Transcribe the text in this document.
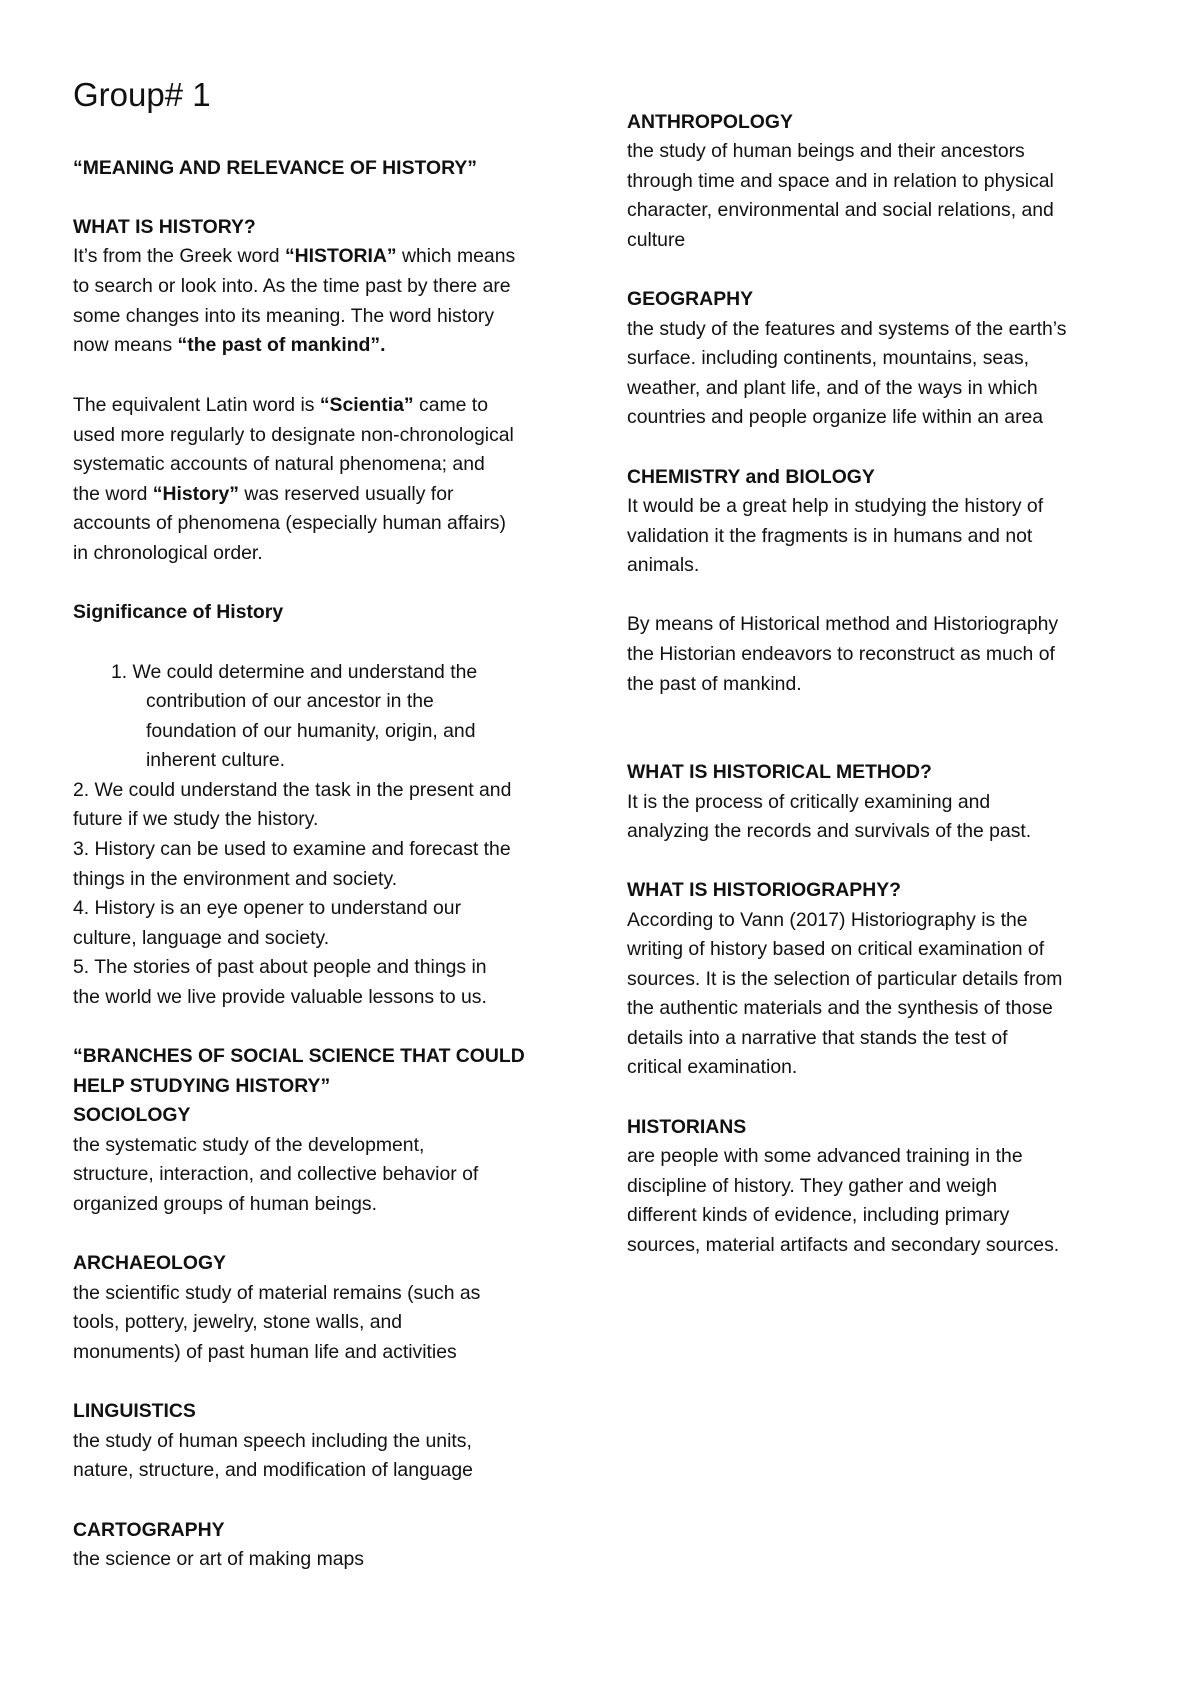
Group# 1

“MEANING AND RELEVANCE OF HISTORY”

WHAT IS HISTORY?

It’s from the Greek word “HISTORIA” which means

to search or look into. As the time past by there are

some changes into its meaning. The word history

now means “the past of mankind”.

The equivalent Latin word is “Scientia” came to

used more regularly to designate non-chronological

systematic accounts of natural phenomena; and

the word “History” was reserved usually for

accounts of phenomena (especially human affairs)

in chronological order.

Significance of History

1. We could determine and understand the

contribution of our ancestor in the

foundation of our humanity, origin, and

inherent culture.

2. We could understand the task in the present and

future if we study the history.

3. History can be used to examine and forecast the

things in the environment and society.

4. History is an eye opener to understand our

culture, language and society.

5. The stories of past about people and things in

the world we live provide valuable lessons to us.

“BRANCHES OF SOCIAL SCIENCE THAT COULD

HELP STUDYING HISTORY”

SOCIOLOGY

the systematic study of the development,

structure, interaction, and collective behavior of

organized groups of human beings.

ARCHAEOLOGY

the scientific study of material remains (such as

tools, pottery, jewelry, stone walls, and

monuments) of past human life and activities

LINGUISTICS

the study of human speech including the units,

nature, structure, and modification of language

CARTOGRAPHY

the science or art of making maps

ANTHROPOLOGY

the study of human beings and their ancestors

through time and space and in relation to physical

character, environmental and social relations, and

culture

GEOGRAPHY

the study of the features and systems of the earth’s

surface. including continents, mountains, seas,

weather, and plant life, and of the ways in which

countries and people organize life within an area

CHEMISTRY and BIOLOGY

It would be a great help in studying the history of

validation it the fragments is in humans and not

animals.

By means of Historical method and Historiography

the Historian endeavors to reconstruct as much of

the past of mankind.

WHAT IS HISTORICAL METHOD?

It is the process of critically examining and

analyzing the records and survivals of the past.

WHAT IS HISTORIOGRAPHY?

According to Vann (2017) Historiography is the

writing of history based on critical examination of

sources. It is the selection of particular details from

the authentic materials and the synthesis of those

details into a narrative that stands the test of

critical examination.

HISTORIANS

are people with some advanced training in the

discipline of history. They gather and weigh

different kinds of evidence, including primary

sources, material artifacts and secondary sources.
